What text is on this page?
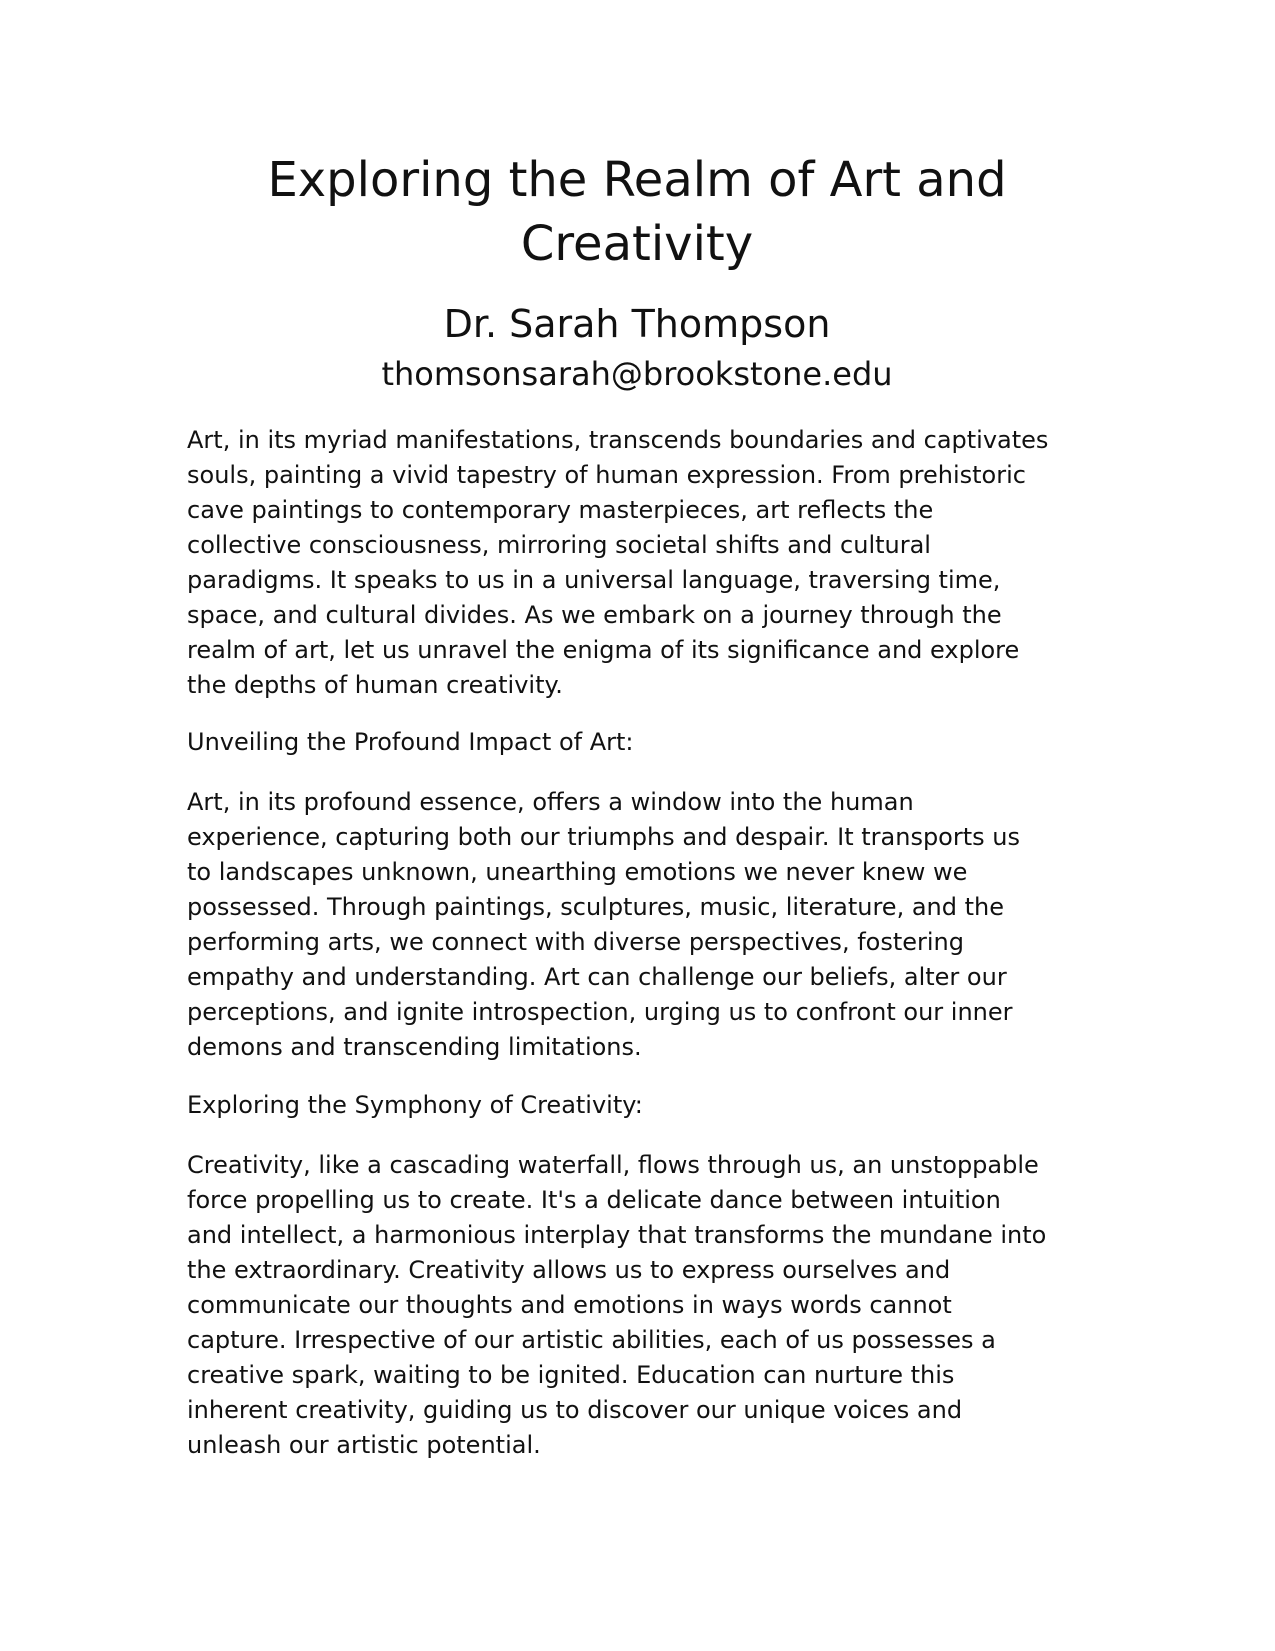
Exploring the Realm of Art and
Creativity
Dr. Sarah Thompson
thomsonsarah@brookstone.edu
Art, in its myriad manifestations, transcends boundaries and captivates
souls, painting a vivid tapestry of human expression. From prehistoric
cave paintings to contemporary masterpieces, art reflects the
collective consciousness, mirroring societal shifts and cultural
paradigms. It speaks to us in a universal language, traversing time,
space, and cultural divides. As we embark on a journey through the
realm of art, let us unravel the enigma of its significance and explore
the depths of human creativity.
Unveiling the Profound Impact of Art:
Art, in its profound essence, offers a window into the human
experience, capturing both our triumphs and despair. It transports us
to landscapes unknown, unearthing emotions we never knew we
possessed. Through paintings, sculptures, music, literature, and the
performing arts, we connect with diverse perspectives, fostering
empathy and understanding. Art can challenge our beliefs, alter our
perceptions, and ignite introspection, urging us to confront our inner
demons and transcending limitations.
Exploring the Symphony of Creativity:
Creativity, like a cascading waterfall, flows through us, an unstoppable
force propelling us to create. It's a delicate dance between intuition
and intellect, a harmonious interplay that transforms the mundane into
the extraordinary. Creativity allows us to express ourselves and
communicate our thoughts and emotions in ways words cannot
capture. Irrespective of our artistic abilities, each of us possesses a
creative spark, waiting to be ignited. Education can nurture this
inherent creativity, guiding us to discover our unique voices and
unleash our artistic potential.
